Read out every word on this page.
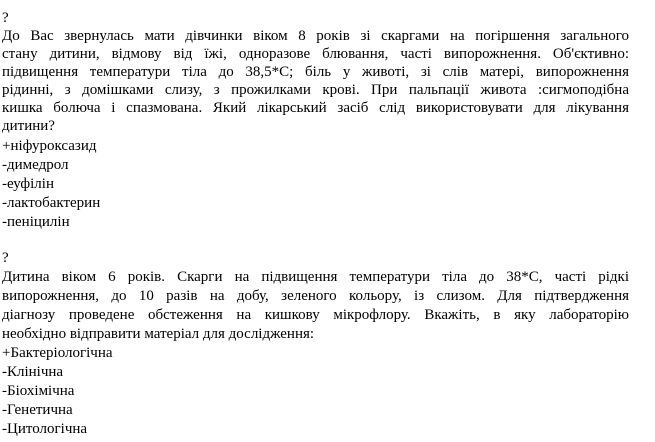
?
До Вас звернулась мати дівчинки віком 8 років зі скаргами на погіршення загального
стану дитини, відмову від їжі, одноразове блювання, часті випорожнення. Об'єктивно:
підвищення температури тіла до 38,5*С; біль у животі, зі слів матері, випорожнення
рідинні, з домішками слизу, з прожилками крові. При пальпації живота :сигмоподібна
кишка болюча і спазмована. Який лікарський засіб слід використовувати для лікування
дитини?
+ніфуроксазид
-димедрол
-еуфілін
-лактобактерин
-пеніцилін
?
Дитина віком 6 років. Скарги на підвищення температури тіла до 38*С, часті рідкі
випорожнення, до 10 разів на добу, зеленого кольору, із слизом. Для підтвердження
діагнозу проведене обстеження на кишкову мікрофлору. Вкажіть, в яку лабораторію
необхідно відправити матеріал для дослідження:
+Бактеріологічна
-Клінічна
-Біохімічна
-Генетична
-Цитологічна
